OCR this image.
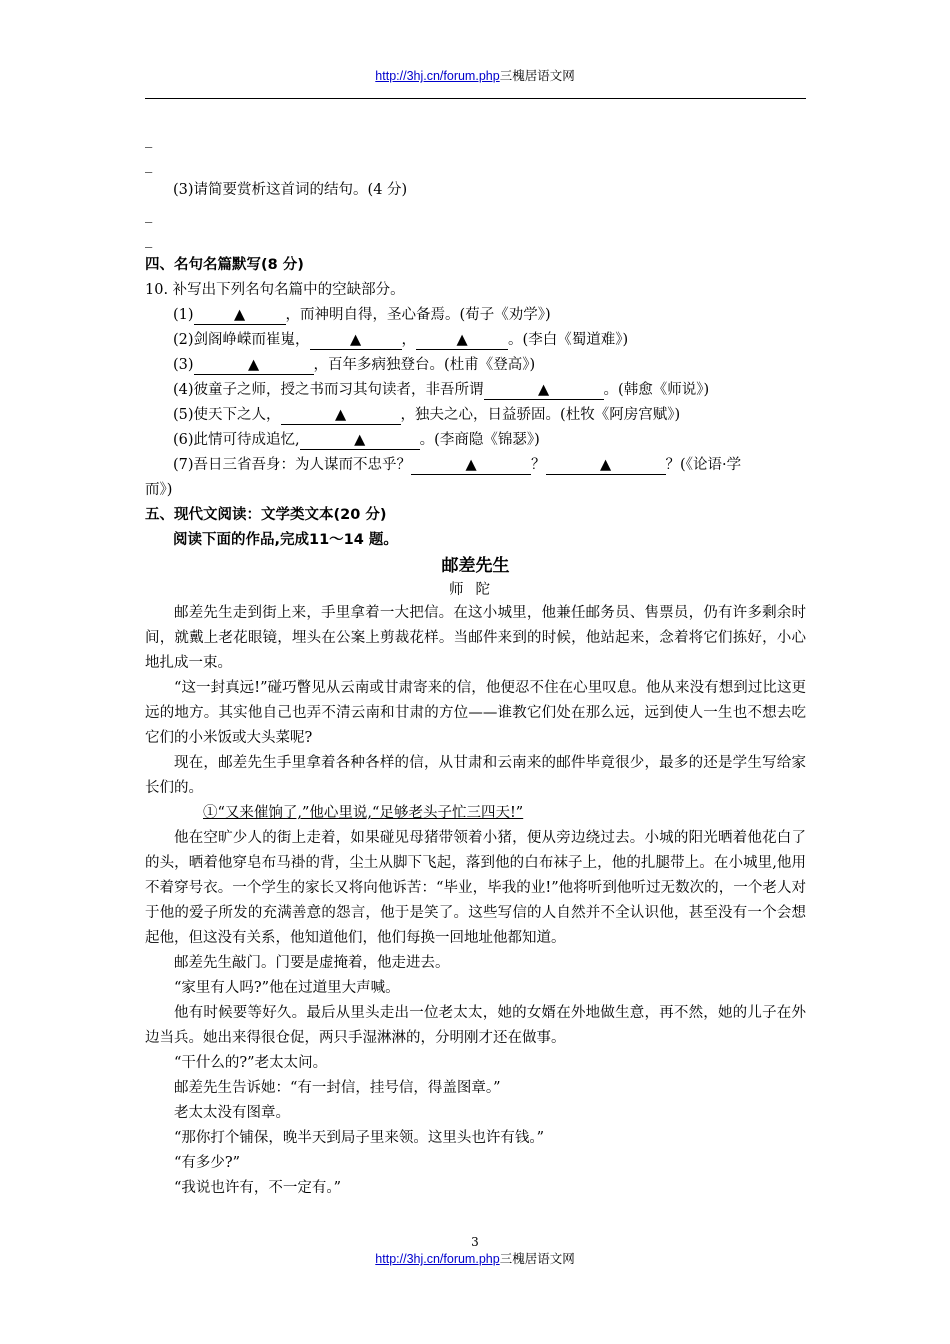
http://3hj.cn/forum.php三槐居语文网
_
_
(3)请简要赏析这首词的结句。(4 分)
_
_
四、名句名篇默写(8 分)
10. 补写出下列名句名篇中的空缺部分。
(1)	▲	，而神明自得，圣心备焉。(荀子《劝学》)
(2)剑阁峥嵘而崔嵬，	▲	，	▲	。(李白《蜀道难》)
(3)	▲	，百年多病独登台。(杜甫《登高》)
(4)彼童子之师，授之书而习其句读者，非吾所谓	▲	。(韩愈《师说》)
(5)使天下之人，	▲	，独夫之心，日益骄固。(杜牧《阿房宫赋》)
(6)此情可待成追忆,	▲	。(李商隐《锦瑟》)
(7)吾日三省吾身：为人谋而不忠乎？	▲	？	▲	？(《论语·学
而》)
五、现代文阅读：文学类文本(20 分)
阅读下面的作品,完成11～14 题。
邮差先生
师陀
邮差先生走到街上来，手里拿着一大把信。在这小城里，他兼任邮务员、售票员，仍有许多剩余时间，就戴上老花眼镜，埋头在公案上剪裁花样。当邮件来到的时候，他站起来，念着将它们拣好，小心地扎成一束。
“这一封真远!”碰巧瞥见从云南或甘肃寄来的信，他便忍不住在心里叹息。他从来没有想到过比这更远的地方。其实他自己也弄不清云南和甘肃的方位——谁教它们处在那么远，远到使人一生也不想去吃它们的小米饭或大头菜呢?
现在，邮差先生手里拿着各种各样的信，从甘肃和云南来的邮件毕竟很少，最多的还是学生写给家长们的。
①“又来催饷了,”他心里说,“足够老头子忙三四天!”
他在空旷少人的街上走着，如果碰见母猪带领着小猪，便从旁边绕过去。小城的阳光晒着他花白了的头，晒着他穿皂布马褂的背，尘土从脚下飞起，落到他的白布袜子上，他的扎腿带上。在小城里,他用不着穿号衣。一个学生的家长又将向他诉苦：“毕业，毕我的业!”他将听到他听过无数次的，一个老人对于他的爱子所发的充满善意的怨言，他于是笑了。这些写信的人自然并不全认识他，甚至没有一个会想起他，但这没有关系，他知道他们，他们每换一回地址他都知道。
邮差先生敲门。门要是虚掩着，他走进去。
“家里有人吗?”他在过道里大声喊。
他有时候要等好久。最后从里头走出一位老太太，她的女婿在外地做生意，再不然，她的儿子在外边当兵。她出来得很仓促，两只手湿淋淋的，分明刚才还在做事。
“干什么的?”老太太问。
邮差先生告诉她：“有一封信，挂号信，得盖图章。”
老太太没有图章。
“那你打个铺保，晚半天到局子里来领。这里头也许有钱。”
“有多少?”
“我说也许有，不一定有。”
3
http://3hj.cn/forum.php三槐居语文网
